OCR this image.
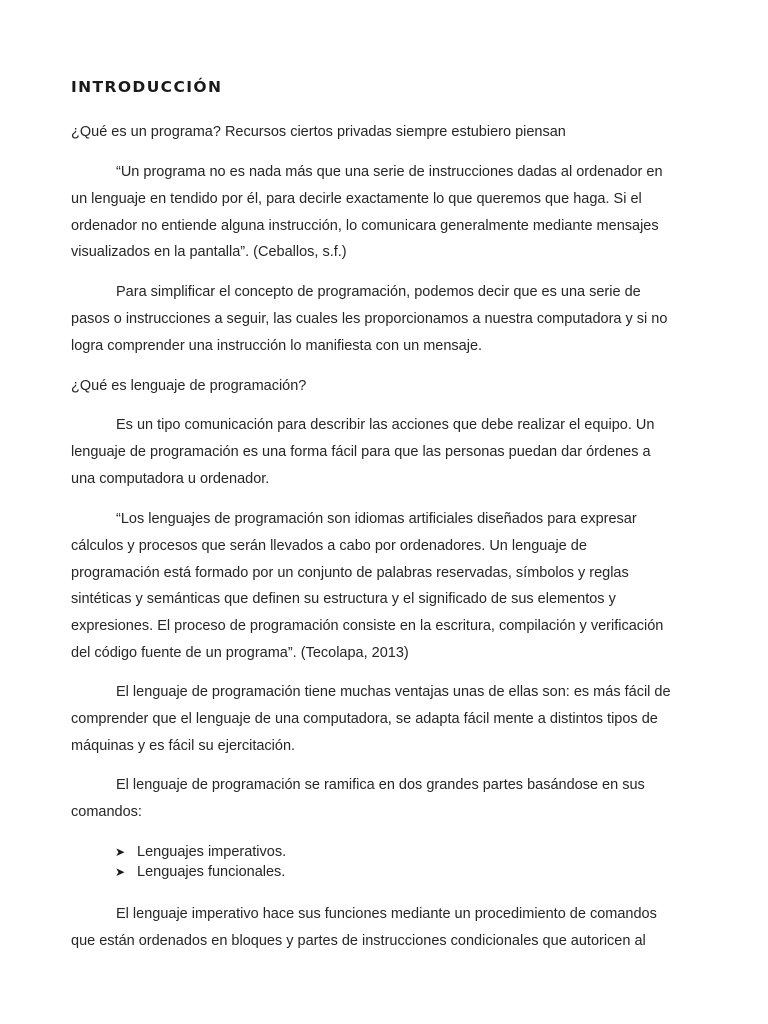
INTRODUCCIÓN

¿Qué es un programa? Recursos ciertos privadas siempre estubiero piensan

“Un programa no es nada más que una serie de instrucciones dadas al ordenador en
un lenguaje en tendido por él, para decirle exactamente lo que queremos que haga. Si el
ordenador no entiende alguna instrucción, lo comunicara generalmente mediante mensajes
visualizados en la pantalla”. (Ceballos, s.f.)

Para simplificar el concepto de programación, podemos decir que es una serie de
pasos o instrucciones a seguir, las cuales les proporcionamos a nuestra computadora y si no
logra comprender una instrucción lo manifiesta con un mensaje.

¿Qué es lenguaje de programación?

Es un tipo comunicación para describir las acciones que debe realizar el equipo. Un
lenguaje de programación es una forma fácil para que las personas puedan dar órdenes a
una computadora u ordenador.

“Los lenguajes de programación son idiomas artificiales diseñados para expresar
cálculos y procesos que serán llevados a cabo por ordenadores. Un lenguaje de
programación está formado por un conjunto de palabras reservadas, símbolos y reglas
sintéticas y semánticas que definen su estructura y el significado de sus elementos y
expresiones. El proceso de programación consiste en la escritura, compilación y verificación
del código fuente de un programa”. (Tecolapa, 2013)

El lenguaje de programación tiene muchas ventajas unas de ellas son: es más fácil de
comprender que el lenguaje de una computadora, se adapta fácil mente a distintos tipos de
máquinas y es fácil su ejercitación.

El lenguaje de programación se ramifica en dos grandes partes basándose en sus
comandos:

➤ Lenguajes imperativos.
➤ Lenguajes funcionales.

El lenguaje imperativo hace sus funciones mediante un procedimiento de comandos
que están ordenados en bloques y partes de instrucciones condicionales que autoricen al
